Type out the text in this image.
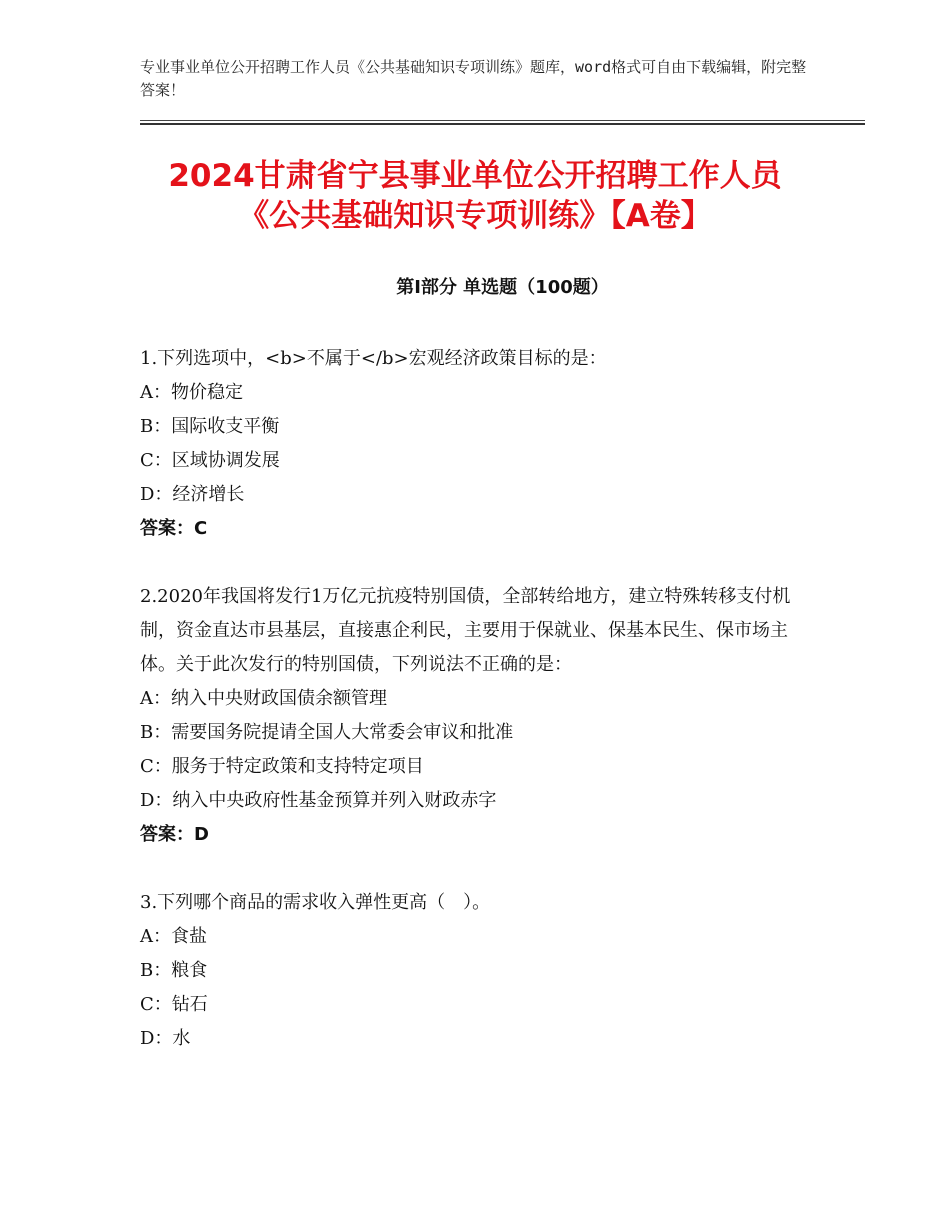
专业事业单位公开招聘工作人员《公共基础知识专项训练》题库，word格式可自由下载编辑，附完整答案！
2024甘肃省宁县事业单位公开招聘工作人员
《公共基础知识专项训练》【A卷】
第Ⅰ部分 单选题（100题）

1.下列选项中，<b>不属于</b>宏观经济政策目标的是：

A：物价稳定

B：国际收支平衡

C：区域协调发展

D：经济增长

答案：C

2.2020年我国将发行1万亿元抗疫特别国债，全部转给地方，建立特殊转移支付机制，资金直达市县基层，直接惠企利民，主要用于保就业、保基本民生、保市场主体。关于此次发行的特别国债，下列说法不正确的是：

A：纳入中央财政国债余额管理

B：需要国务院提请全国人大常委会审议和批准

C：服务于特定政策和支持特定项目

D：纳入中央政府性基金预算并列入财政赤字

答案：D

3.下列哪个商品的需求收入弹性更高（　）。

A：食盐

B：粮食

C：钻石

D：水
